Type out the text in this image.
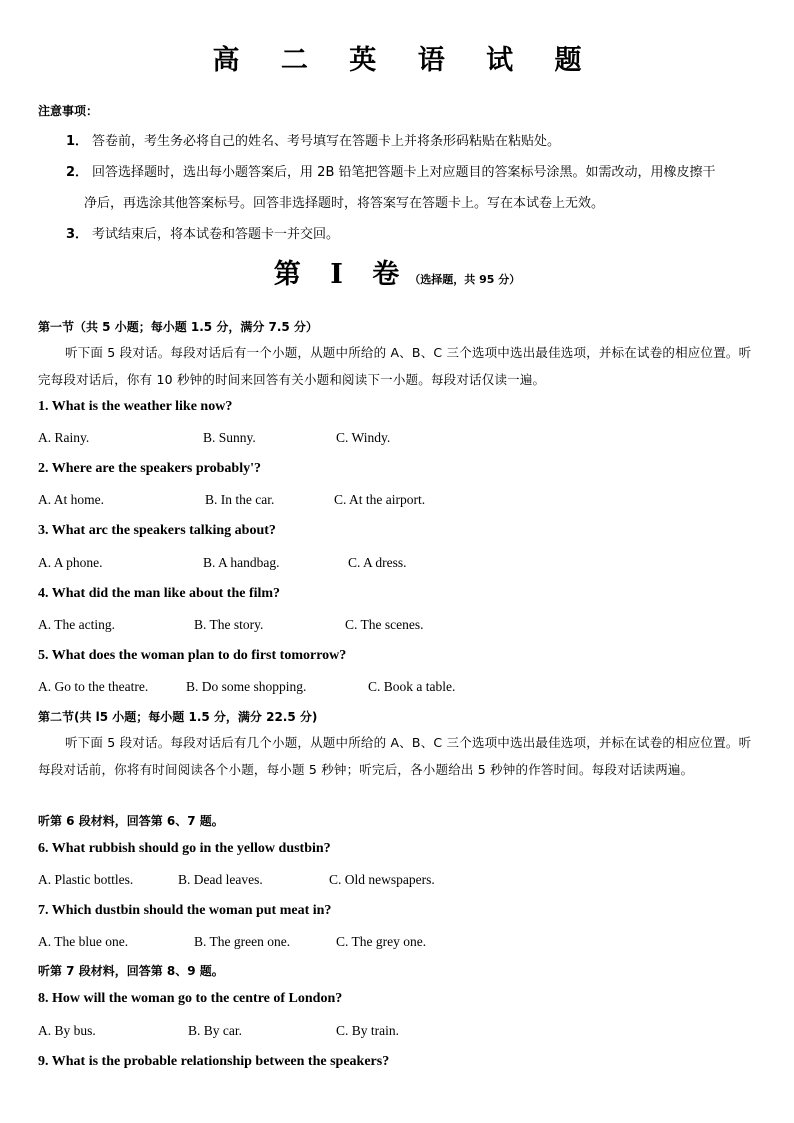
高 二 英 语 试 题
注意事项：
1． 答卷前，考生务必将自己的姓名、考号填写在答题卡上并将条形码粘贴在粘贴处。
2． 回答选择题时，选出每小题答案后，用 2B 铅笔把答题卡上对应题目的答案标号涂黑。如需改动，用橡皮擦干
净后，再选涂其他答案标号。回答非选择题时，将答案写在答题卡上。写在本试卷上无效。
3． 考试结束后，将本试卷和答题卡一并交回。
第 I 卷（选择题，共 95 分）
第一节（共 5 小题；每小题 1.5 分，满分 7.5 分）
听下面 5 段对话。每段对话后有一个小题，从题中所给的 A、B、C 三个选项中选出最佳选项，并标在试卷的相应位置。听完每段对话后，你有 10 秒钟的时间来回答有关小题和阅读下一小题。每段对话仅读一遍。
1. What is the weather like now?
A. Rainy.	B. Sunny.	C. Windy.
2. Where are the speakers probably'?
A. At home.	B. In the car.	C. At the airport.
3. What arc the speakers talking about?
A. A phone.	B. A handbag.	C. A dress.
4. What did the man like about the film?
A. The acting.	B. The story.	C. The scenes.
5. What does the woman plan to do first tomorrow?
A. Go to the theatre.	B. Do some shopping.	C. Book a table.
第二节(共 l5 小题；每小题 1.5 分，满分 22.5 分)
听下面 5 段对话。每段对话后有几个小题，从题中所给的 A、B、C 三个选项中选出最佳选项，并标在试卷的相应位置。听每段对话前，你将有时间阅读各个小题，每小题 5 秒钟；听完后，各小题给出 5 秒钟的作答时间。每段对话读两遍。
听第 6 段材料，回答第 6、7 题。
6. What rubbish should go in the yellow dustbin?
A. Plastic bottles.	B. Dead leaves.	C. Old newspapers.
7. Which dustbin should the woman put meat in?
A. The blue one.	B. The green one.	C. The grey one.
听第 7 段材料，回答第 8、9 题。
8. How will the woman go to the centre of London?
A. By bus.	B. By car.	C. By train.
9. What is the probable relationship between the speakers?
